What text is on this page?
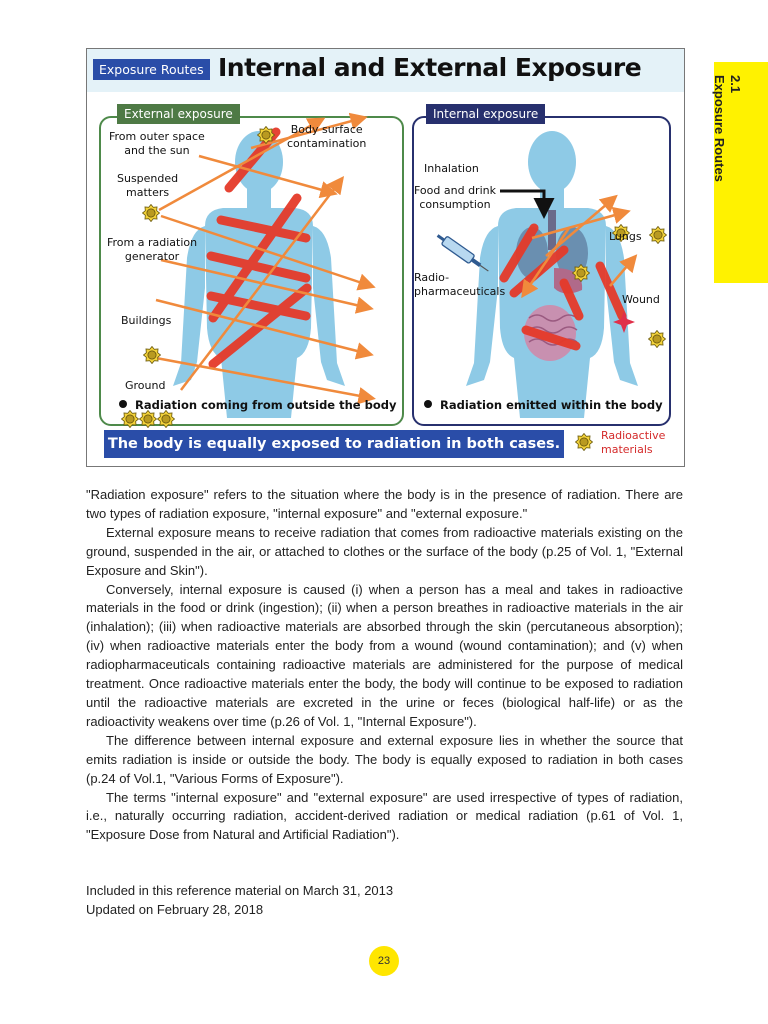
Exposure Routes Internal and External Exposure
External exposure
From outer space
and the sun
Body surface
contamination
Suspended
matters
From a radiation
generator
Buildings
Ground
Radiation coming from outside the body
Internal exposure
Inhalation
Food and drink
consumption
Lungs
Radio-
pharmaceuticals
Wound
Radiation emitted within the body
The body is equally exposed to radiation in both cases.
Radioactive
materials

"Radiation exposure" refers to the situation where the body is in the presence of radiation. There are two types of radiation exposure, "internal exposure" and "external exposure."

External exposure means to receive radiation that comes from radioactive materials existing on the ground, suspended in the air, or attached to clothes or the surface of the body (p.25 of Vol. 1, "External Exposure and Skin").

Conversely, internal exposure is caused (i) when a person has a meal and takes in radioactive materials in the food or drink (ingestion); (ii) when a person breathes in radioactive materials in the air (inhalation); (iii) when radioactive materials are absorbed through the skin (percutaneous absorption); (iv) when radioactive materials enter the body from a wound (wound contamination); and (v) when radiopharmaceuticals containing radioactive materials are administered for the purpose of medical treatment. Once radioactive materials enter the body, the body will continue to be exposed to radiation until the radioactive materials are excreted in the urine or feces (biological half-life) or as the radioactivity weakens over time (p.26 of Vol. 1, "Internal Exposure").

The difference between internal exposure and external exposure lies in whether the source that emits radiation is inside or outside the body. The body is equally exposed to radiation in both cases (p.24 of Vol.1, "Various Forms of Exposure").

The terms "internal exposure" and "external exposure" are used irrespective of types of radiation, i.e., naturally occurring radiation, accident-derived radiation or medical radiation (p.61 of Vol. 1, "Exposure Dose from Natural and Artificial Radiation").

Included in this reference material on March 31, 2013
Updated on February 28, 2018
23
2.1
Exposure Routes
